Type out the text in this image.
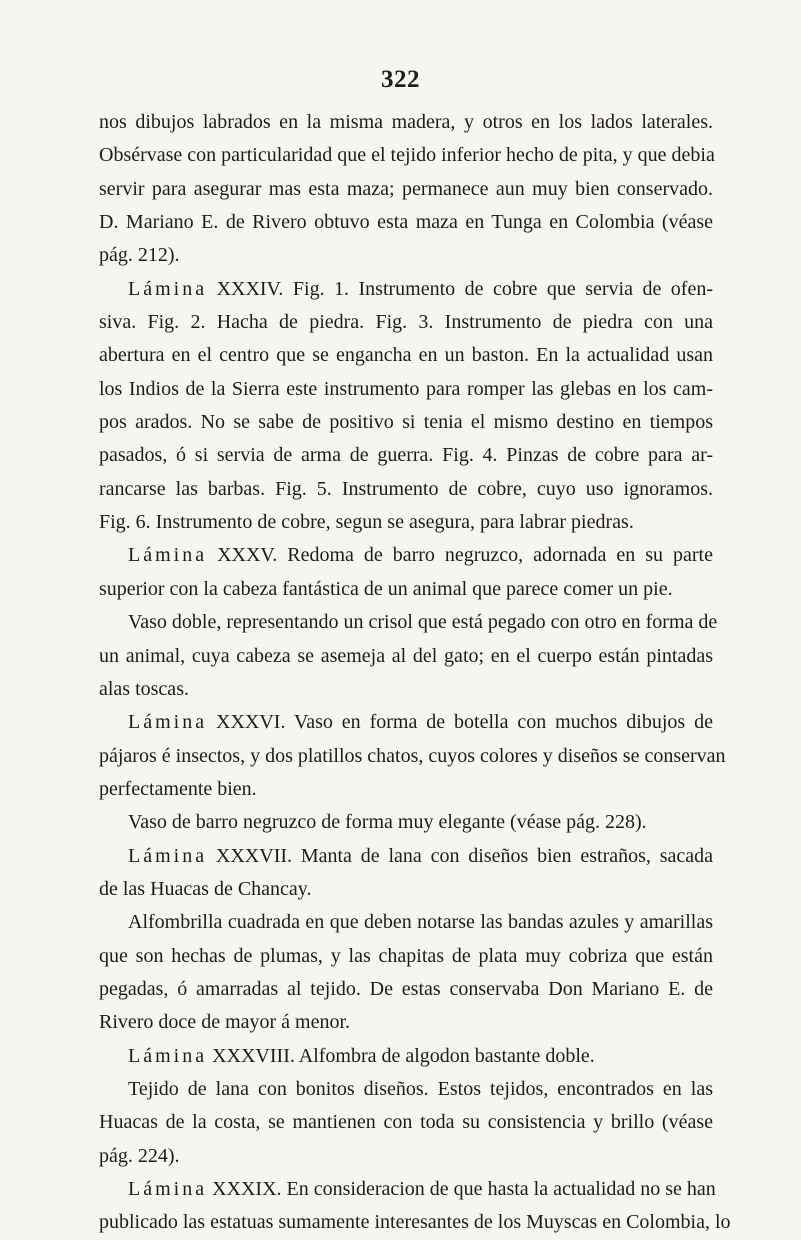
322
nos dibujos labrados en la misma madera, y otros en los lados laterales.
Obsérvase con particularidad que el tejido inferior hecho de pita, y que debia
servir para asegurar mas esta maza; permanece aun muy bien conservado.
D. Mariano E. de Rivero obtuvo esta maza en Tunga en Colombia (véase
pág. 212).
Lámina XXXIV. Fig. 1. Instrumento de cobre que servia de ofen-
siva. Fig. 2. Hacha de piedra. Fig. 3. Instrumento de piedra con una
abertura en el centro que se engancha en un baston. En la actualidad usan
los Indios de la Sierra este instrumento para romper las glebas en los cam-
pos arados. No se sabe de positivo si tenia el mismo destino en tiempos
pasados, ó si servia de arma de guerra. Fig. 4. Pinzas de cobre para ar-
rancarse las barbas. Fig. 5. Instrumento de cobre, cuyo uso ignoramos.
Fig. 6. Instrumento de cobre, segun se asegura, para labrar piedras.
Lámina XXXV. Redoma de barro negruzco, adornada en su parte
superior con la cabeza fantástica de un animal que parece comer un pie.
Vaso doble, representando un crisol que está pegado con otro en forma de
un animal, cuya cabeza se asemeja al del gato; en el cuerpo están pintadas
alas toscas.
Lámina XXXVI. Vaso en forma de botella con muchos dibujos de
pájaros é insectos, y dos platillos chatos, cuyos colores y diseños se conservan
perfectamente bien.
Vaso de barro negruzco de forma muy elegante (véase pág. 228).
Lámina XXXVII. Manta de lana con diseños bien estraños, sacada
de las Huacas de Chancay.
Alfombrilla cuadrada en que deben notarse las bandas azules y amarillas
que son hechas de plumas, y las chapitas de plata muy cobriza que están
pegadas, ó amarradas al tejido. De estas conservaba Don Mariano E. de
Rivero doce de mayor á menor.
Lámina XXXVIII. Alfombra de algodon bastante doble.
Tejido de lana con bonitos diseños. Estos tejidos, encontrados en las
Huacas de la costa, se mantienen con toda su consistencia y brillo (véase
pág. 224).
Lámina XXXIX. En consideracion de que hasta la actualidad no se han
publicado las estatuas sumamente interesantes de los Muyscas en Colombia, lo
